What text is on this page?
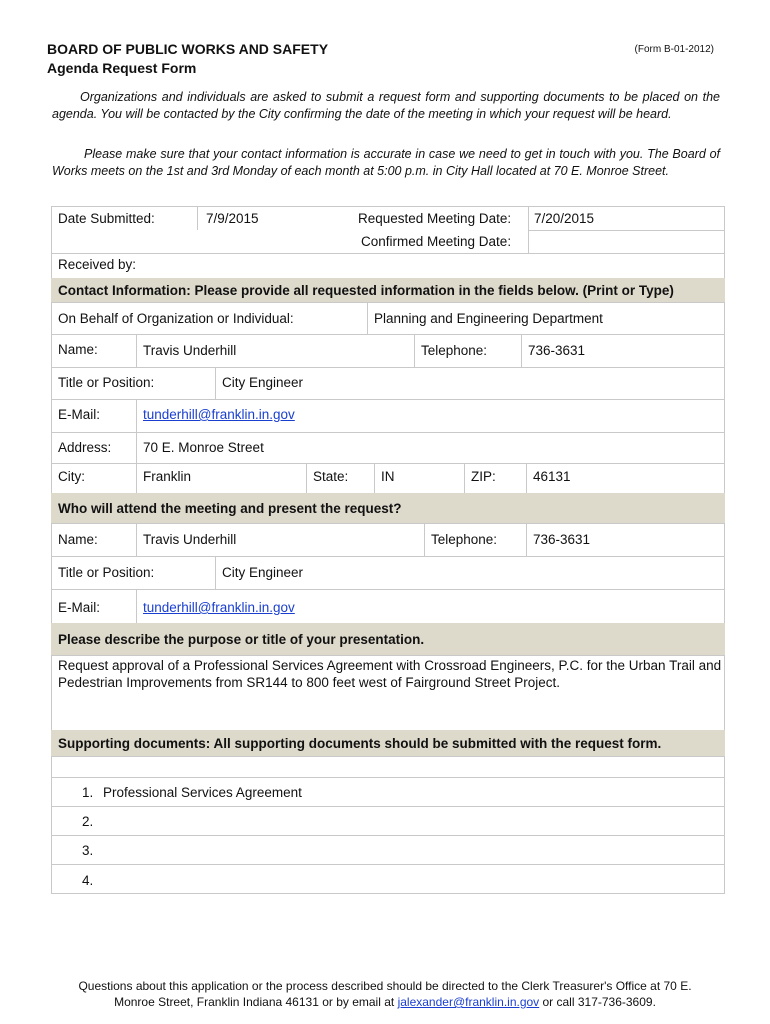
BOARD OF PUBLIC WORKS AND SAFETY
Agenda Request Form
(Form B-01-2012)
Organizations and individuals are asked to submit a request form and supporting documents to be placed on the agenda. You will be contacted by the City confirming the date of the meeting in which your request will be heard.
Please make sure that your contact information is accurate in case we need to get in touch with you. The Board of Works meets on the 1st and 3rd Monday of each month at 5:00 p.m. in City Hall located at 70 E. Monroe Street.
Date Submitted:	7/9/2015	Requested Meeting Date: 7/20/2015
Confirmed Meeting Date:
Received by:
Contact Information: Please provide all requested information in the fields below. (Print or Type)
On Behalf of Organization or Individual:	Planning and Engineering Department
Name:	Travis Underhill	Telephone:	736-3631
Title or Position:	City Engineer
E-Mail:	tunderhill@franklin.in.gov
Address: 70 E. Monroe Street
City:	Franklin	State: IN	ZIP:	46131
Who will attend the meeting and present the request?
Name:	Travis Underhill	Telephone:	736-3631
Title or Position:	City Engineer
E-Mail:	tunderhill@franklin.in.gov
Please describe the purpose or title of your presentation.
Request approval of a Professional Services Agreement with Crossroad Engineers, P.C. for the Urban Trail and Pedestrian Improvements from SR144 to 800 feet west of Fairground Street Project.
Supporting documents: All supporting documents should be submitted with the request form.
1. Professional Services Agreement
2.
3.
4.
Questions about this application or the process described should be directed to the Clerk Treasurer's Office at 70 E.
Monroe Street, Franklin Indiana 46131 or by email at jalexander@franklin.in.gov or call 317-736-3609.
